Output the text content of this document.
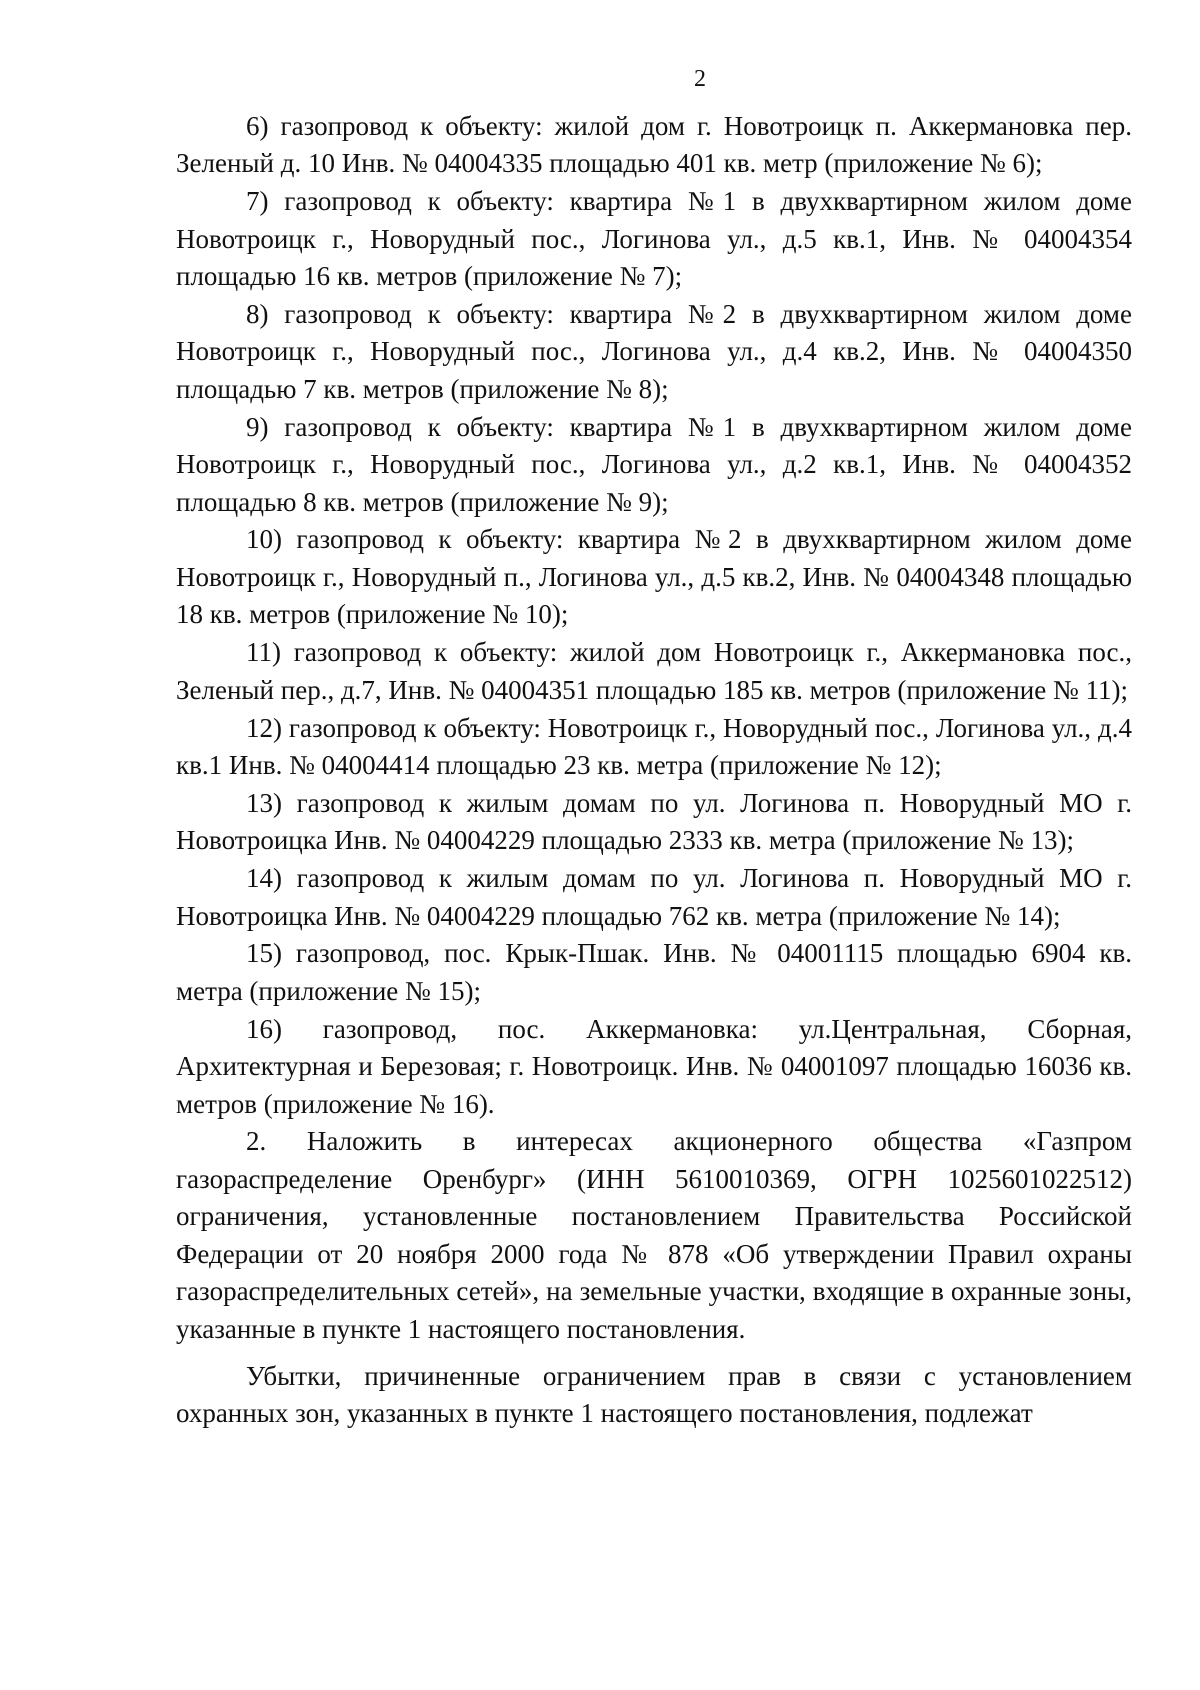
2

6) газопровод к объекту: жилой дом г. Новотроицк п. Аккермановка пер. Зеленый д. 10 Инв. № 04004335 площадью 401 кв. метр (приложение № 6);

7) газопровод к объекту: квартира №1 в двухквартирном жилом доме Новотроицк г., Новорудный пос., Логинова ул., д.5 кв.1, Инв. № 04004354 площадью 16 кв. метров (приложение № 7);

8) газопровод к объекту: квартира №2 в двухквартирном жилом доме Новотроицк г., Новорудный пос., Логинова ул., д.4 кв.2, Инв. № 04004350 площадью 7 кв. метров (приложение № 8);

9) газопровод к объекту: квартира №1 в двухквартирном жилом доме Новотроицк г., Новорудный пос., Логинова ул., д.2 кв.1, Инв. № 04004352 площадью 8 кв. метров (приложение № 9);

10) газопровод к объекту: квартира №2 в двухквартирном жилом доме Новотроицк г., Новорудный п., Логинова ул., д.5 кв.2, Инв. № 04004348 площадью 18 кв. метров (приложение № 10);

11) газопровод к объекту: жилой дом Новотроицк г., Аккермановка пос., Зеленый пер., д.7, Инв. № 04004351 площадью 185 кв. метров (приложение № 11);

12) газопровод к объекту: Новотроицк г., Новорудный пос., Логинова ул., д.4 кв.1 Инв. № 04004414 площадью 23 кв. метра (приложение № 12);

13) газопровод к жилым домам по ул. Логинова п. Новорудный МО г. Новотроицка Инв. № 04004229 площадью 2333 кв. метра (приложение № 13);

14) газопровод к жилым домам по ул. Логинова п. Новорудный МО г. Новотроицка Инв. № 04004229 площадью 762 кв. метра (приложение № 14);

15) газопровод, пос. Крык-Пшак. Инв. № 04001115 площадью 6904 кв. метра (приложение № 15);

16) газопровод, пос. Аккермановка: ул.Центральная, Сборная, Архитектурная и Березовая; г. Новотроицк. Инв. № 04001097 площадью 16036 кв. метров (приложение № 16).

2. Наложить в интересах акционерного общества «Газпром газораспределение Оренбург» (ИНН 5610010369, ОГРН 1025601022512) ограничения, установленные постановлением Правительства Российской Федерации от 20 ноября 2000 года № 878 «Об утверждении Правил охраны газораспределительных сетей», на земельные участки, входящие в охранные зоны, указанные в пункте 1 настоящего постановления.

Убытки, причиненные ограничением прав в связи с установлением охранных зон, указанных в пункте 1 настоящего постановления, подлежат
